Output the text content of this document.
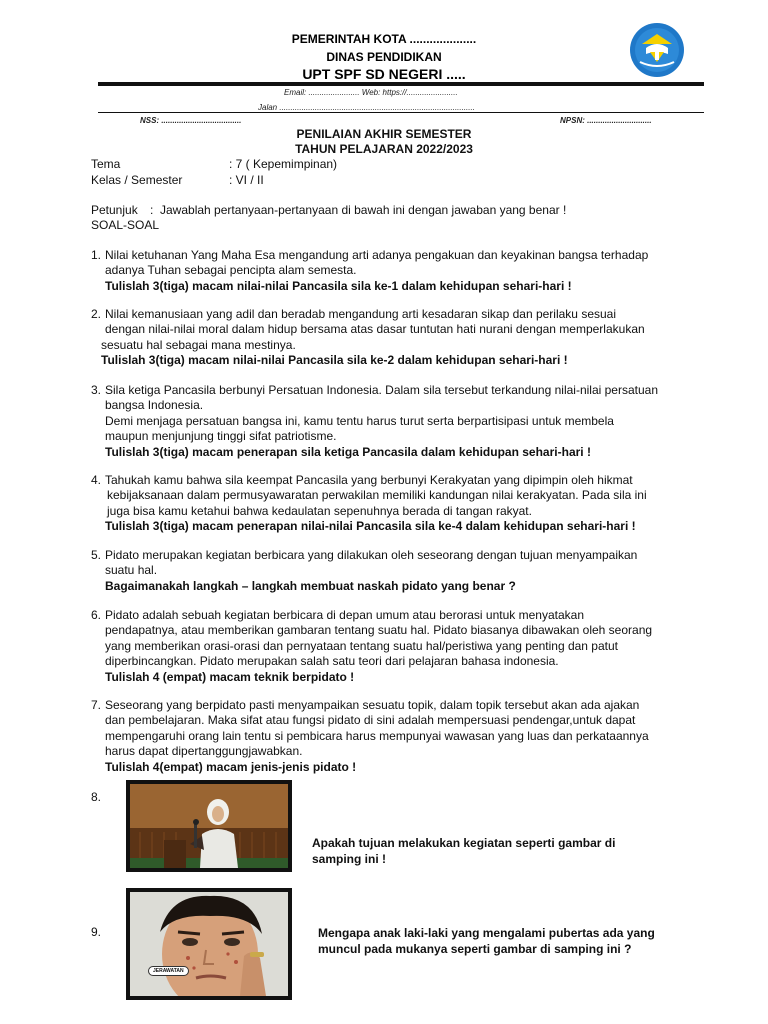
PEMERINTAH KOTA ....................
DINAS PENDIDIKAN
UPT SPF SD NEGERI .....
Email: ....................... Web: https://.......................
Jalan ........................................................................................
NSS: ....................................	NPSN: .............................
PENILAIAN AKHIR SEMESTER
TAHUN PELAJARAN 2022/2023
Tema	: 7 ( Kepemimpinan)
Kelas / Semester	: VI / II
Petunjuk : Jawablah pertanyaan-pertanyaan di bawah ini dengan jawaban yang benar !
SOAL-SOAL
1. Nilai ketuhanan Yang Maha Esa mengandung arti adanya pengakuan dan keyakinan bangsa terhadap
adanya Tuhan sebagai pencipta alam semesta.
Tulislah 3(tiga) macam nilai-nilai Pancasila sila ke-1 dalam kehidupan sehari-hari !
2. Nilai kemanusiaan yang adil dan beradab mengandung arti kesadaran sikap dan perilaku sesuai
dengan nilai-nilai moral dalam hidup bersama atas dasar tuntutan hati nurani dengan memperlakukan
sesuatu hal sebagai mana mestinya.
Tulislah 3(tiga) macam nilai-nilai Pancasila sila ke-2 dalam kehidupan sehari-hari !
3. Sila ketiga Pancasila berbunyi Persatuan Indonesia. Dalam sila tersebut terkandung nilai-nilai persatuan
bangsa Indonesia.
Demi menjaga persatuan bangsa ini, kamu tentu harus turut serta berpartisipasi untuk membela
maupun menjunjung tinggi sifat patriotisme.
Tulislah 3(tiga) macam penerapan sila ketiga Pancasila dalam kehidupan sehari-hari !
4. Tahukah kamu bahwa sila keempat Pancasila yang berbunyi Kerakyatan yang dipimpin oleh hikmat
kebijaksanaan dalam permusyawaratan perwakilan memiliki kandungan nilai kerakyatan. Pada sila ini
juga bisa kamu ketahui bahwa kedaulatan sepenuhnya berada di tangan rakyat.
Tulislah 3(tiga) macam penerapan nilai-nilai Pancasila sila ke-4 dalam kehidupan sehari-hari !
5. Pidato merupakan kegiatan berbicara yang dilakukan oleh seseorang dengan tujuan menyampaikan
suatu hal.
Bagaimanakah langkah – langkah membuat naskah pidato yang benar ?
6. Pidato adalah sebuah kegiatan berbicara di depan umum atau berorasi untuk menyatakan
pendapatnya, atau memberikan gambaran tentang suatu hal. Pidato biasanya dibawakan oleh seorang
yang memberikan orasi-orasi dan pernyataan tentang suatu hal/peristiwa yang penting dan patut
diperbincangkan. Pidato merupakan salah satu teori dari pelajaran bahasa indonesia.
Tulislah 4 (empat) macam teknik berpidato !
7. Seseorang yang berpidato pasti menyampaikan sesuatu topik, dalam topik tersebut akan ada ajakan
dan pembelajaran. Maka sifat atau fungsi pidato di sini adalah mempersuasi pendengar,untuk dapat
mempengaruhi orang lain tentu si pembicara harus mempunyai wawasan yang luas dan perkataannya
harus dapat dipertanggungjawabkan.
Tulislah 4(empat) macam jenis-jenis pidato !
8.
Apakah tujuan melakukan kegiatan seperti gambar di
samping ini !
9.
JERAWATAN
Mengapa anak laki-laki yang mengalami pubertas ada yang
muncul pada mukanya seperti gambar di samping ini ?
